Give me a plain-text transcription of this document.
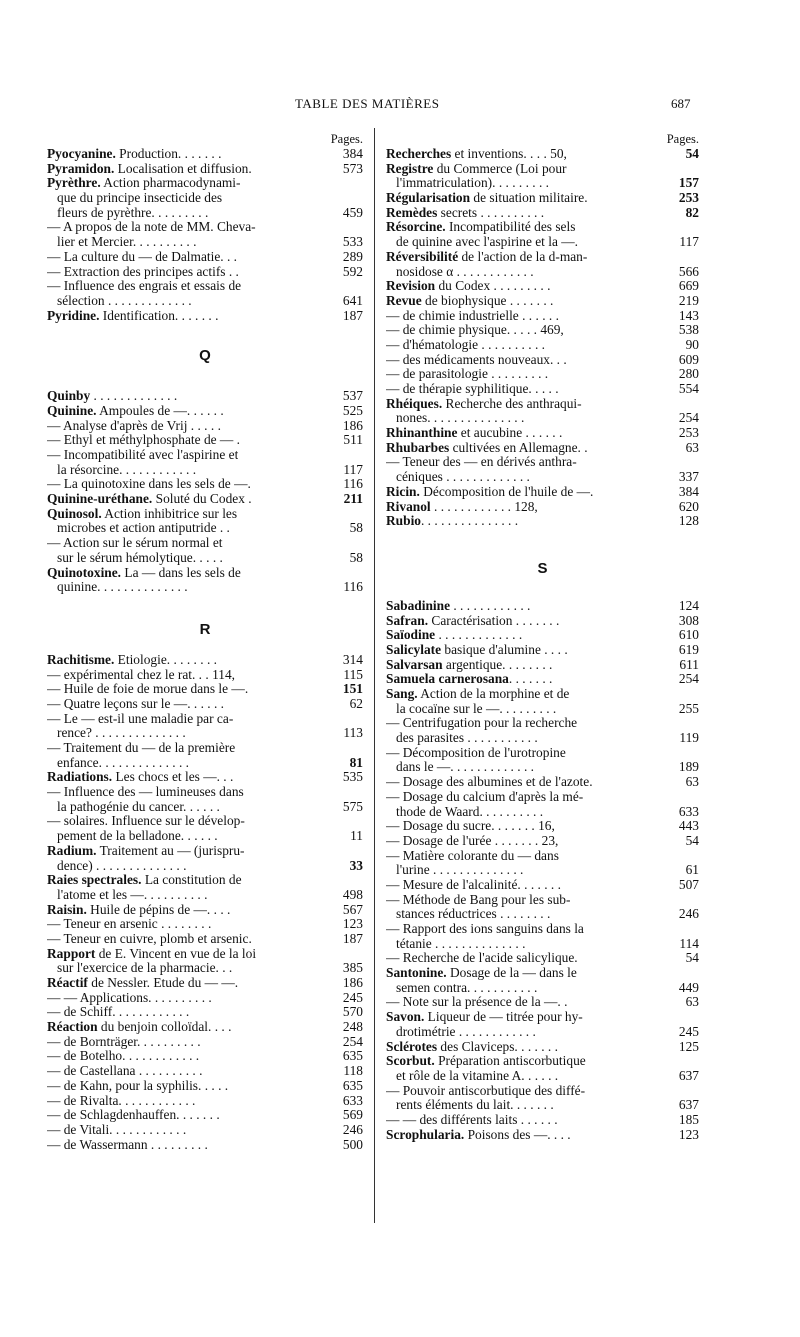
TABLE DES MATIÈRES	687
Pages.
Pyocyanine. Production. . . . . . .	384
Pyramidon. Localisation et diffusion.	573
Pyrèthre. Action pharmacodynami-
que du principe insecticide des
fleurs de pyrèthre. . . . . . . . .	459
— A propos de la note de MM. Cheva-
lier et Mercier. . . . . . . . . .	533
— La culture du — de Dalmatie. . .	289
— Extraction des principes actifs . .	592
— Influence des engrais et essais de
sélection . . . . . . . . . . . . .	641
Pyridine. Identification. . . . . . .	187
Q
Quinby . . . . . . . . . . . . .	537
Quinine. Ampoules de —. . . . . .	525
— Analyse d'après de Vrij . . . . .	186
— Ethyl et méthylphosphate de — .	511
— Incompatibilité avec l'aspirine et
la résorcine. . . . . . . . . . . .	117
— La quinotoxine dans les sels de —.	116
Quinine-uréthane. Soluté du Codex .	211
Quinosol. Action inhibitrice sur les
microbes et action antiputride . .	58
— Action sur le sérum normal et
sur le sérum hémolytique. . . . .	58
Quinotoxine. La — dans les sels de
quinine. . . . . . . . . . . . . .	116
R
Rachitisme. Etiologie. . . . . . . .	314
— expérimental chez le rat. . . 114,	115
— Huile de foie de morue dans le —.	151
— Quatre leçons sur le —. . . . . .	62
— Le — est-il une maladie par ca-
rence? . . . . . . . . . . . . . .	113
— Traitement du — de la première
enfance. . . . . . . . . . . . . .	81
Radiations. Les chocs et les —. . .	535
— Influence des — lumineuses dans
la pathogénie du cancer. . . . . .	575
— solaires. Influence sur le dévelop-
pement de la belladone. . . . . .	11
Radium. Traitement au — (jurispru-
dence) . . . . . . . . . . . . . .	33
Raies spectrales. La constitution de
l'atome et les —. . . . . . . . . .	498
Raisin. Huile de pépins de —. . . .	567
— Teneur en arsenic . . . . . . . .	123
— Teneur en cuivre, plomb et arsenic.	187
Rapport de E. Vincent en vue de la loi
sur l'exercice de la pharmacie. . .	385
Réactif de Nessler. Etude du — —.	186
— — Applications. . . . . . . . . .	245
— de Schiff. . . . . . . . . . . .	570
Réaction du benjoin colloïdal. . . .	248
— de Bornträger. . . . . . . . . .	254
— de Botelho. . . . . . . . . . . .	635
— de Castellana . . . . . . . . . .	118
— de Kahn, pour la syphilis. . . . .	635
— de Rivalta. . . . . . . . . . . .	633
— de Schlagdenhauffen. . . . . . .	569
— de Vitali. . . . . . . . . . . .	246
— de Wassermann . . . . . . . . .	500
Pages.
Recherches et inventions. . . . 50,	54
Registre du Commerce (Loi pour
l'immatriculation). . . . . . . . .	157
Régularisation de situation militaire.	253
Remèdes secrets . . . . . . . . . .	82
Résorcine. Incompatibilité des sels
de quinine avec l'aspirine et la —.	117
Réversibilité de l'action de la d-man-
nosidose α . . . . . . . . . . . .	566
Revision du Codex . . . . . . . . .	669
Revue de biophysique . . . . . . .	219
— de chimie industrielle . . . . . .	143
— de chimie physique. . . . . 469,	538
— d'hématologie . . . . . . . . . .	90
— des médicaments nouveaux. . .	609
— de parasitologie . . . . . . . . .	280
— de thérapie syphilitique. . . . .	554
Rhéiques. Recherche des anthraqui-
nones. . . . . . . . . . . . . . .	254
Rhinanthine et aucubine . . . . . .	253
Rhubarbes cultivées en Allemagne. .	63
— Teneur des — en dérivés anthra-
céniques . . . . . . . . . . . . .	337
Ricin. Décomposition de l'huile de —.	384
Rivanol . . . . . . . . . . . . 128,	620
Rubio. . . . . . . . . . . . . . .	128
S
Sabadinine . . . . . . . . . . . .	124
Safran. Caractérisation . . . . . . .	308
Saïodine . . . . . . . . . . . . .	610
Salicylate basique d'alumine . . . .	619
Salvarsan argentique. . . . . . . .	611
Samuela carnerosana. . . . . . .	254
Sang. Action de la morphine et de
la cocaïne sur le —. . . . . . . . .	255
— Centrifugation pour la recherche
des parasites . . . . . . . . . . .	119
— Décomposition de l'urotropine
dans le —. . . . . . . . . . . . .	189
— Dosage des albumines et de l'azote.	63
— Dosage du calcium d'après la mé-
thode de Waard. . . . . . . . . .	633
— Dosage du sucre. . . . . . . 16,	443
— Dosage de l'urée . . . . . . . 23,	54
— Matière colorante du — dans
l'urine . . . . . . . . . . . . . .	61
— Mesure de l'alcalinité. . . . . . .	507
— Méthode de Bang pour les sub-
stances réductrices . . . . . . . .	246
— Rapport des ions sanguins dans la
tétanie . . . . . . . . . . . . . .	114
— Recherche de l'acide salicylique.	54
Santonine. Dosage de la — dans le
semen contra. . . . . . . . . . .	449
— Note sur la présence de la —. .	63
Savon. Liqueur de — titrée pour hy-
drotimétrie . . . . . . . . . . . .	245
Sclérotes des Claviceps. . . . . . .	125
Scorbut. Préparation antiscorbutique
et rôle de la vitamine A. . . . . .	637
— Pouvoir antiscorbutique des diffé-
rents éléments du lait. . . . . . .	637
— — des différents laits . . . . . .	185
Scrophularia. Poisons des —. . . .	123
